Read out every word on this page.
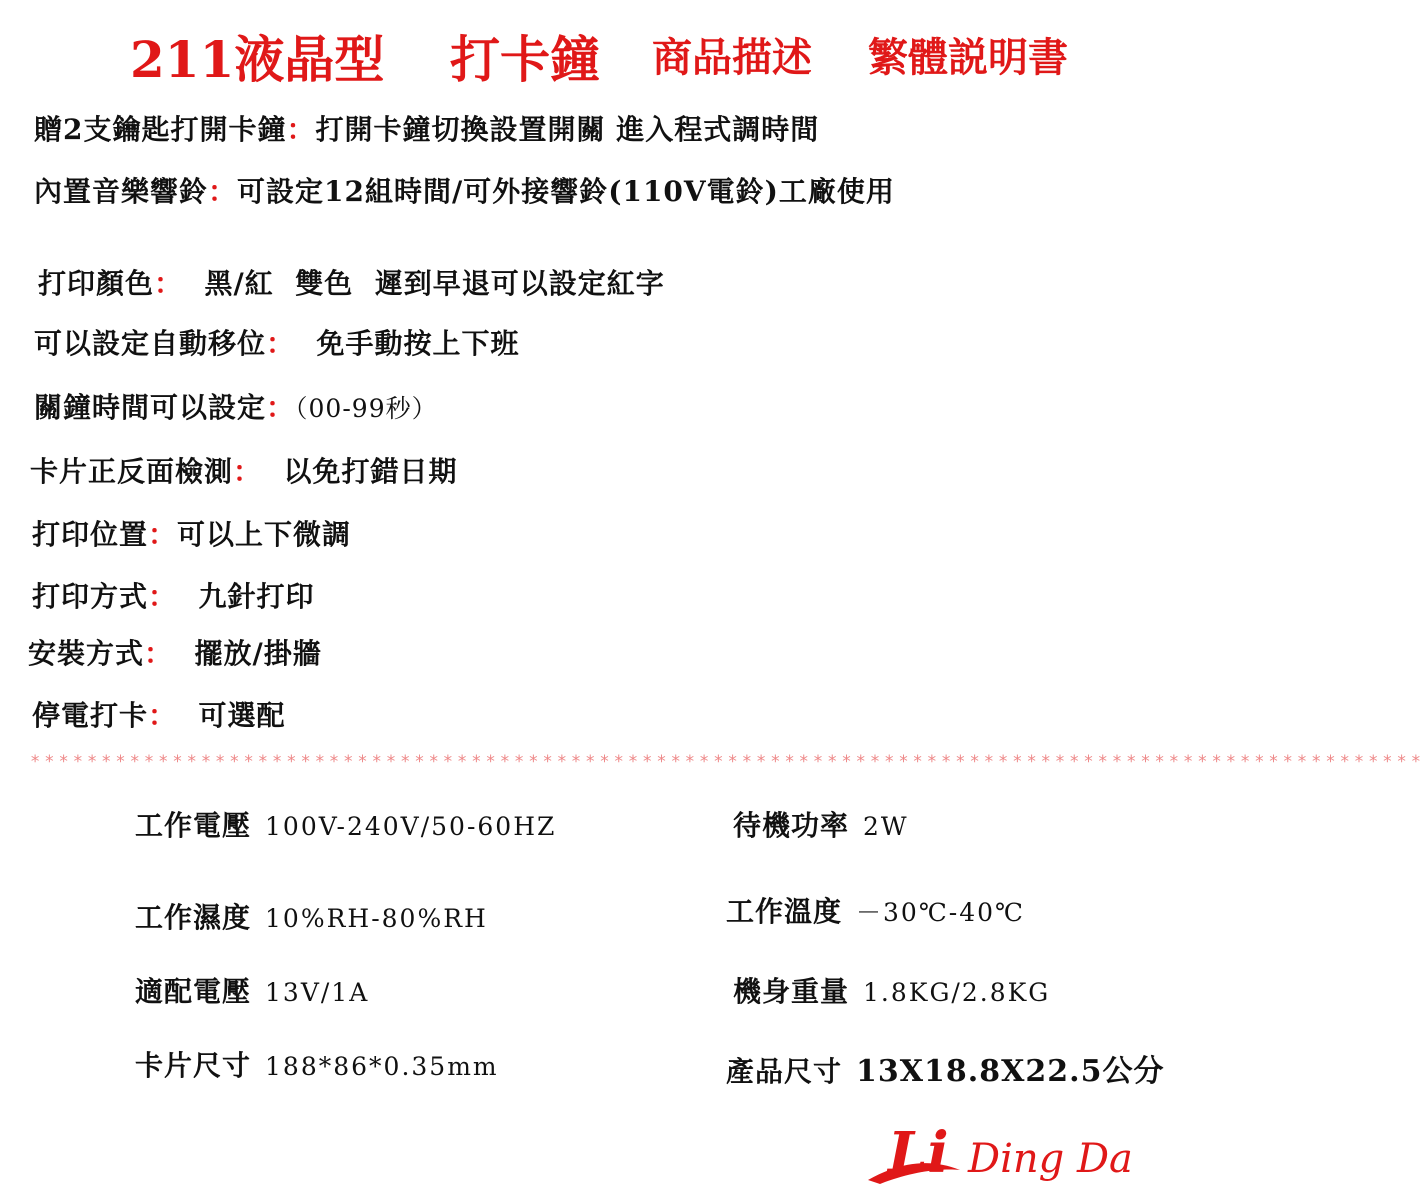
211液晶型 打卡鐘 商品描述 繁體説明書
贈2支鑰匙打開卡鐘：打開卡鐘切換設置開關 進入程式調時間
內置音樂響鈴：可設定12組時間/可外接響鈴(110V電鈴)工廠使用
打印顏色：  黑/紅  雙色  遲到早退可以設定紅字
可以設定自動移位：  免手動按上下班
關鐘時間可以設定：（00-99秒）
卡片正反面檢測：  以免打錯日期
打印位置：可以上下微調
打印方式：  九針打印
安裝方式：  擺放/掛牆
停電打卡：  可選配
**************************************************************************************************
工作電壓 100V-240V/50-60HZ	待機功率 2W
工作濕度 10%RH-80%RH	工作溫度 －30℃-40℃
適配電壓 13V/1A	機身重量 1.8KG/2.8KG
卡片尺寸 188*86*0.35mm	產品尺寸 13X18.8X22.5公分
Li Ding Da
